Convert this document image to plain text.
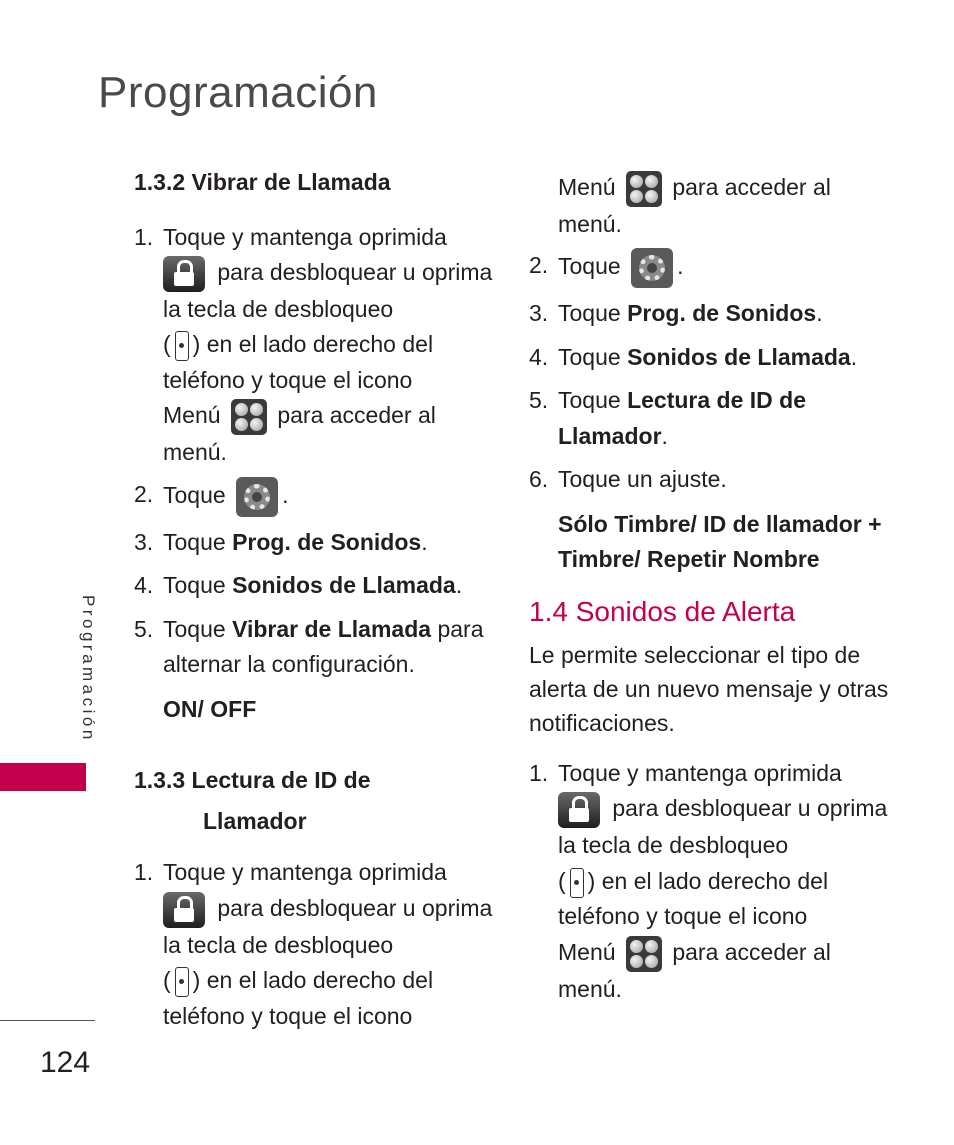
Programación
Programación
124
1.3.2 Vibrar de Llamada
1. Toque y mantenga oprimida
para desbloquear u oprima la tecla de desbloqueo
( ) en el lado derecho del teléfono y toque el icono
Menú para acceder al menú.
2. Toque .
3. Toque Prog. de Sonidos.
4. Toque Sonidos de Llamada.
5. Toque Vibrar de Llamada para alternar la configuración.
ON/ OFF
1.3.3 Lectura de ID de
Llamador
1. Toque y mantenga oprimida
para desbloquear u oprima la tecla de desbloqueo
( ) en el lado derecho del teléfono y toque el icono
Menú para acceder al menú.
2. Toque .
3. Toque Prog. de Sonidos.
4. Toque Sonidos de Llamada.
5. Toque Lectura de ID de Llamador.
6. Toque un ajuste.
Sólo Timbre/ ID de llamador + Timbre/ Repetir Nombre
1.4 Sonidos de Alerta

Le permite seleccionar el tipo de alerta de un nuevo mensaje y otras notificaciones.

1. Toque y mantenga oprimida
para desbloquear u oprima la tecla de desbloqueo
( ) en el lado derecho del teléfono y toque el icono
Menú para acceder al menú.
